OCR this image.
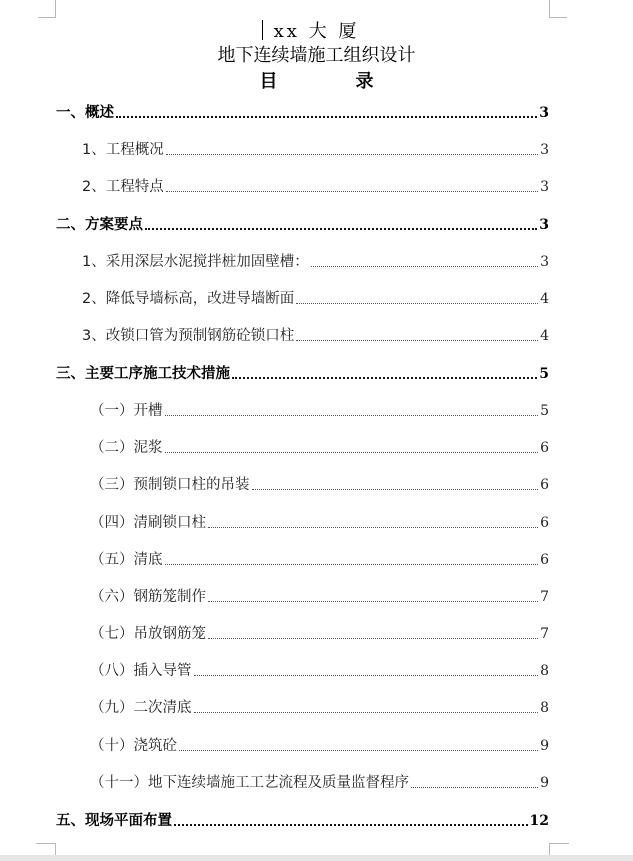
xx 大 厦
地下连续墙施工组织设计
目	录
一、概述	3
1、工程概况	3
2、工程特点	3
二、方案要点	3
1、采用深层水泥搅拌桩加固壁槽：	3
2、降低导墙标高，改进导墙断面	4
3、改锁口管为预制钢筋砼锁口柱	4
三、主要工序施工技术措施	5
（一）开槽	5
（二）泥浆	6
（三）预制锁口柱的吊装	6
（四）清刷锁口柱	6
（五）清底	6
（六）钢筋笼制作	7
（七）吊放钢筋笼	7
（八）插入导管	8
（九）二次清底	8
（十）浇筑砼	9
（十一）地下连续墙施工工艺流程及质量监督程序	9
五、现场平面布置	12
